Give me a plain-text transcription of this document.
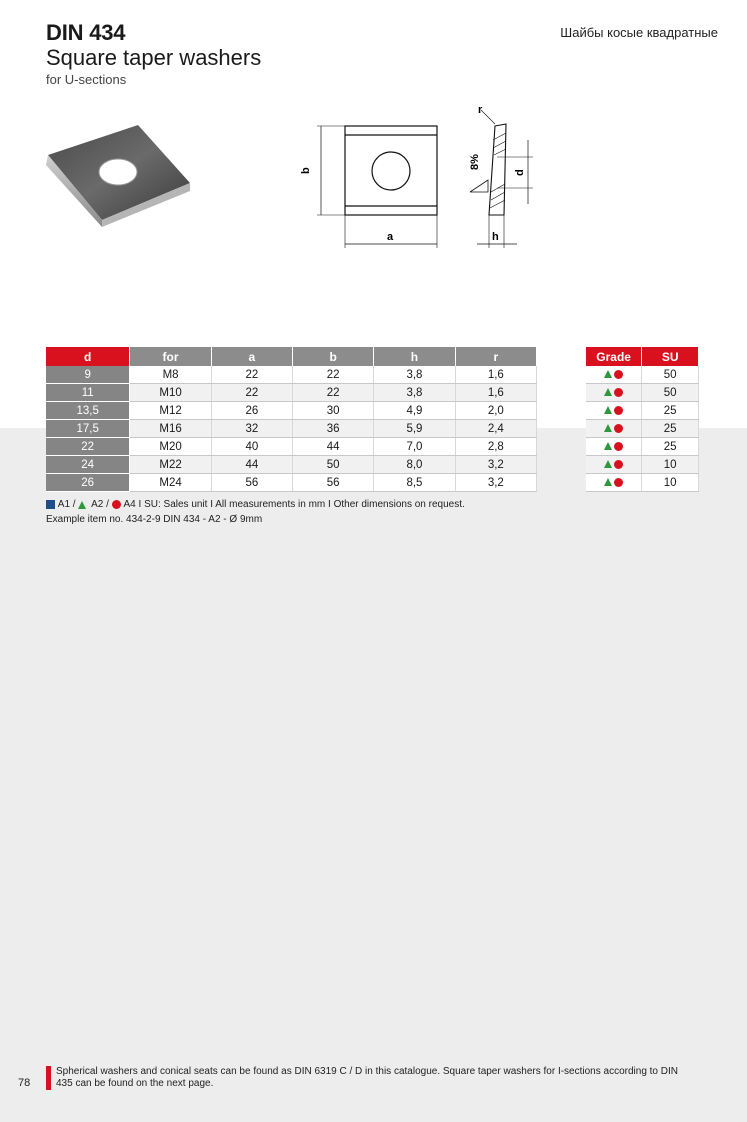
DIN 434
Square taper washers
for U-sections
Шайбы косые квадратные
b
a
d
h
r
8%
d	for	a	b	h	r
9	M8	22	22	3,8	1,6
11	M10	22	22	3,8	1,6
13,5	M12	26	30	4,9	2,0
17,5	M16	32	36	5,9	2,4
22	M20	40	44	7,0	2,8
24	M22	44	50	8,0	3,2
26	M24	56	56	8,5	3,2
Grade	SU
	50
	50
	25
	25
	25
	10
	10
A1 / A2 / A4 I SU: Sales unit I All measurements in mm I Other dimensions on request.
Example item no. 434-2-9 DIN 434 - A2 - Ø 9mm
78
Spherical washers and conical seats can be found as DIN 6319 C / D in this catalogue. Square taper washers for I-sections according to DIN 435 can be found on the next page.
